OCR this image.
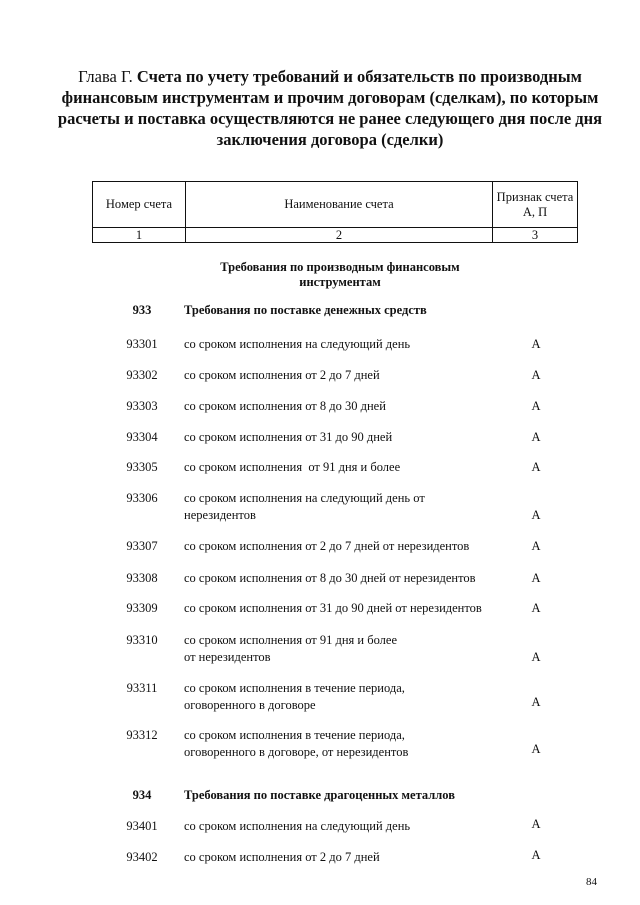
Глава Г. Счета по учету требований и обязательств по производным финансовым инструментам и прочим договорам (сделкам), по которым расчеты и поставка осуществляются не ранее следующего дня после дня заключения договора (сделки)
Номер счета	Наименование счета	Признак счета
А, П
1	2	3
Требования по производным финансовым
инструментам
933	Требования по поставке денежных средств
93301	со сроком исполнения на следующий день	А
93302	со сроком исполнения от 2 до 7 дней	А
93303	со сроком исполнения от 8 до 30 дней	А
93304	со сроком исполнения от 31 до 90 дней	А
93305	со сроком исполнения  от 91 дня и более	А
93306	со сроком исполнения на следующий день от
нерезидентов	А
93307	со сроком исполнения от 2 до 7 дней от нерезидентов	А
93308	со сроком исполнения от 8 до 30 дней от нерезидентов	А
93309	со сроком исполнения от 31 до 90 дней от нерезидентов	А
93310	со сроком исполнения от 91 дня и более
от нерезидентов	А
93311	со сроком исполнения в течение периода,
оговоренного в договоре	А
93312	со сроком исполнения в течение периода,
оговоренного в договоре, от нерезидентов	А
934	Требования по поставке драгоценных металлов
93401	со сроком исполнения на следующий день	А
93402	со сроком исполнения от 2 до 7 дней	А
84
